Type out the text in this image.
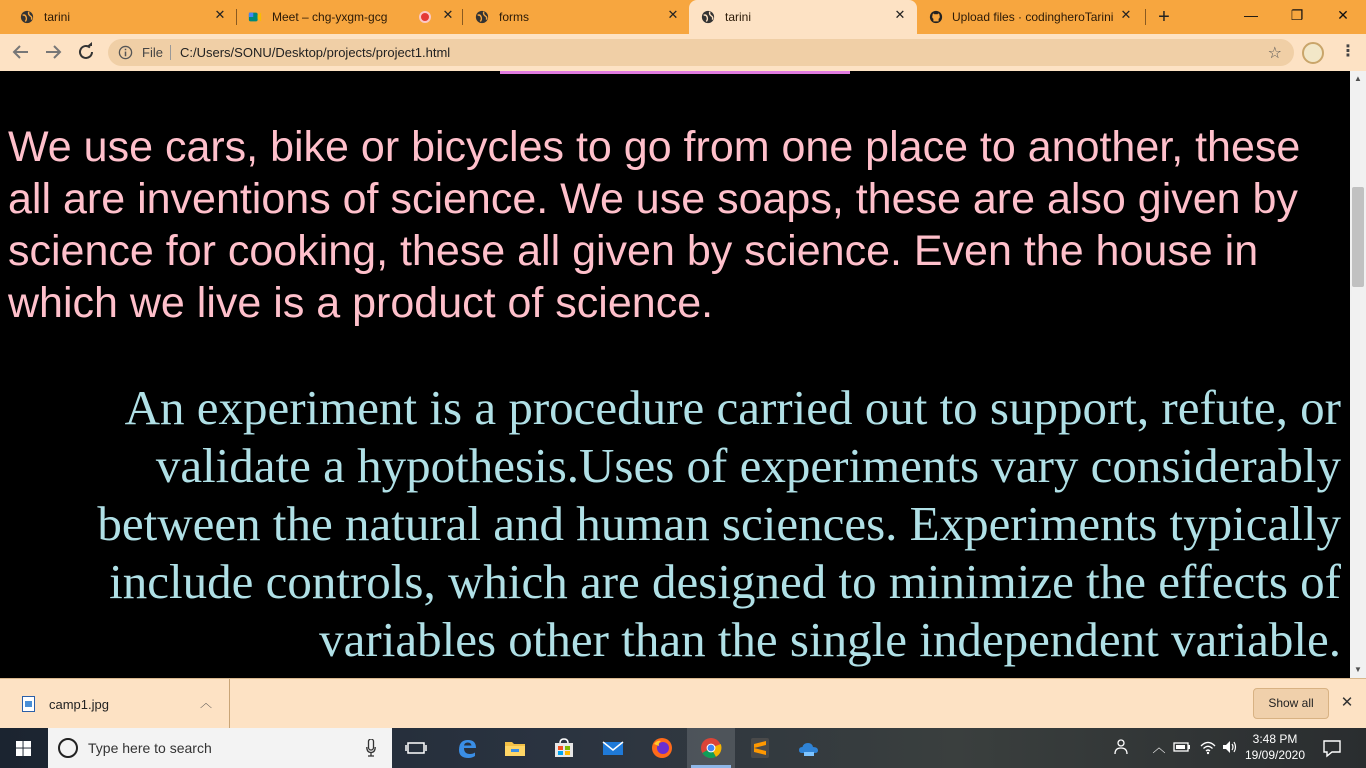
tarini	✕	Meet – chg-yxgm-gcg	✕	forms	✕	tarini	✕	Upload files · codingheroTarini ✕ +	—	❐	✕
File C:/Users/SONU/Desktop/projects/project1.html	☆	⋮

We use cars, bike or bicycles to go from one place to another, these all are inventions of science. We use soaps, these are also given by science for cooking, these all given by science. Even the house in which we live is a product of science.

An experiment is a procedure carried out to support, refute, or validate a hypothesis.Uses of experiments vary considerably between the natural and human sciences. Experiments typically include controls, which are designed to minimize the effects of variables other than the single independent variable.

▲
▼
camp1.jpg	︿	Show all	✕
Type here to search	︿
3:48 PM
19/09/2020
